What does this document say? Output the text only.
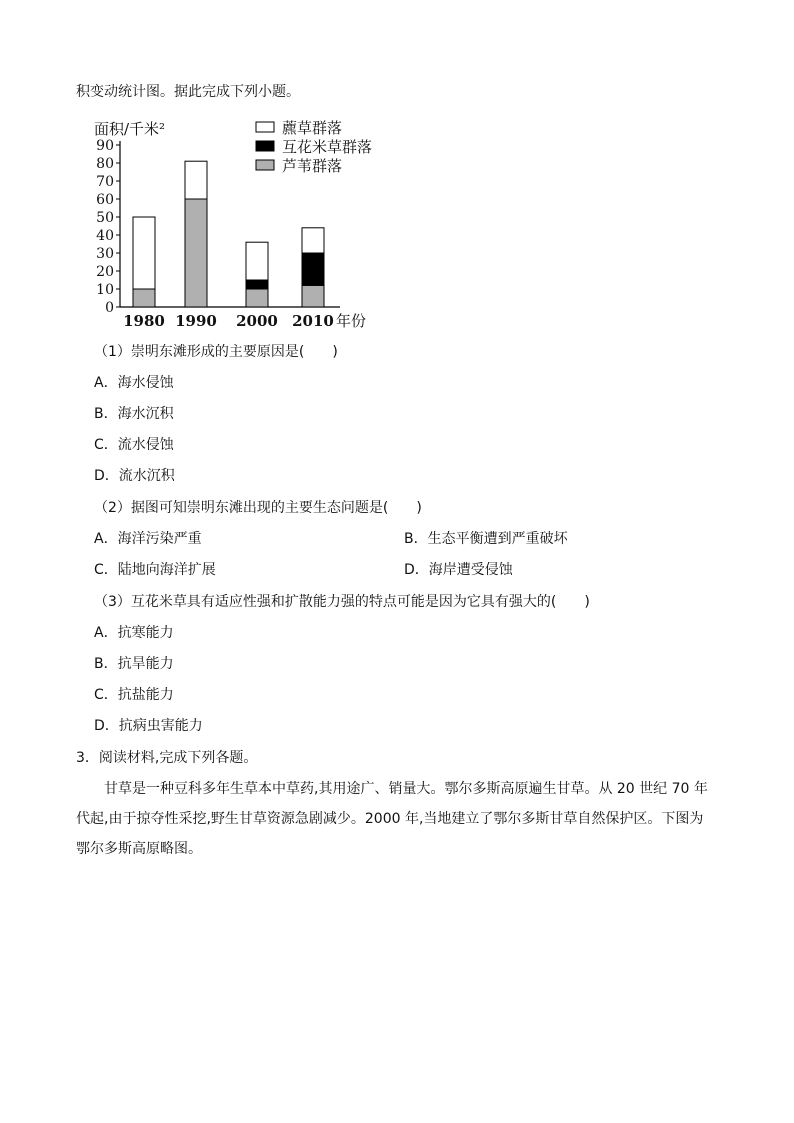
积变动统计图。据此完成下列小题。
0
10
20
30
40
50
60
70
80
90
面积/千米²
1980 1990 2000 2010 年份
藨草群落
互花米草群落
芦苇群落
（1）崇明东滩形成的主要原因是(　　)
A．海水侵蚀
B．海水沉积
C．流水侵蚀
D．流水沉积
（2）据图可知崇明东滩出现的主要生态问题是(　　)
A．海洋污染严重	B．生态平衡遭到严重破坏
C．陆地向海洋扩展	D．海岸遭受侵蚀
（3）互花米草具有适应性强和扩散能力强的特点可能是因为它具有强大的(　　)
A．抗寒能力
B．抗旱能力
C．抗盐能力
D．抗病虫害能力
3．阅读材料,完成下列各题。
甘草是一种豆科多年生草本中草药,其用途广、销量大。鄂尔多斯高原遍生甘草。从 20 世纪 70 年代起,由于掠夺性采挖,野生甘草资源急剧减少。2000 年,当地建立了鄂尔多斯甘草自然保护区。下图为鄂尔多斯高原略图。
